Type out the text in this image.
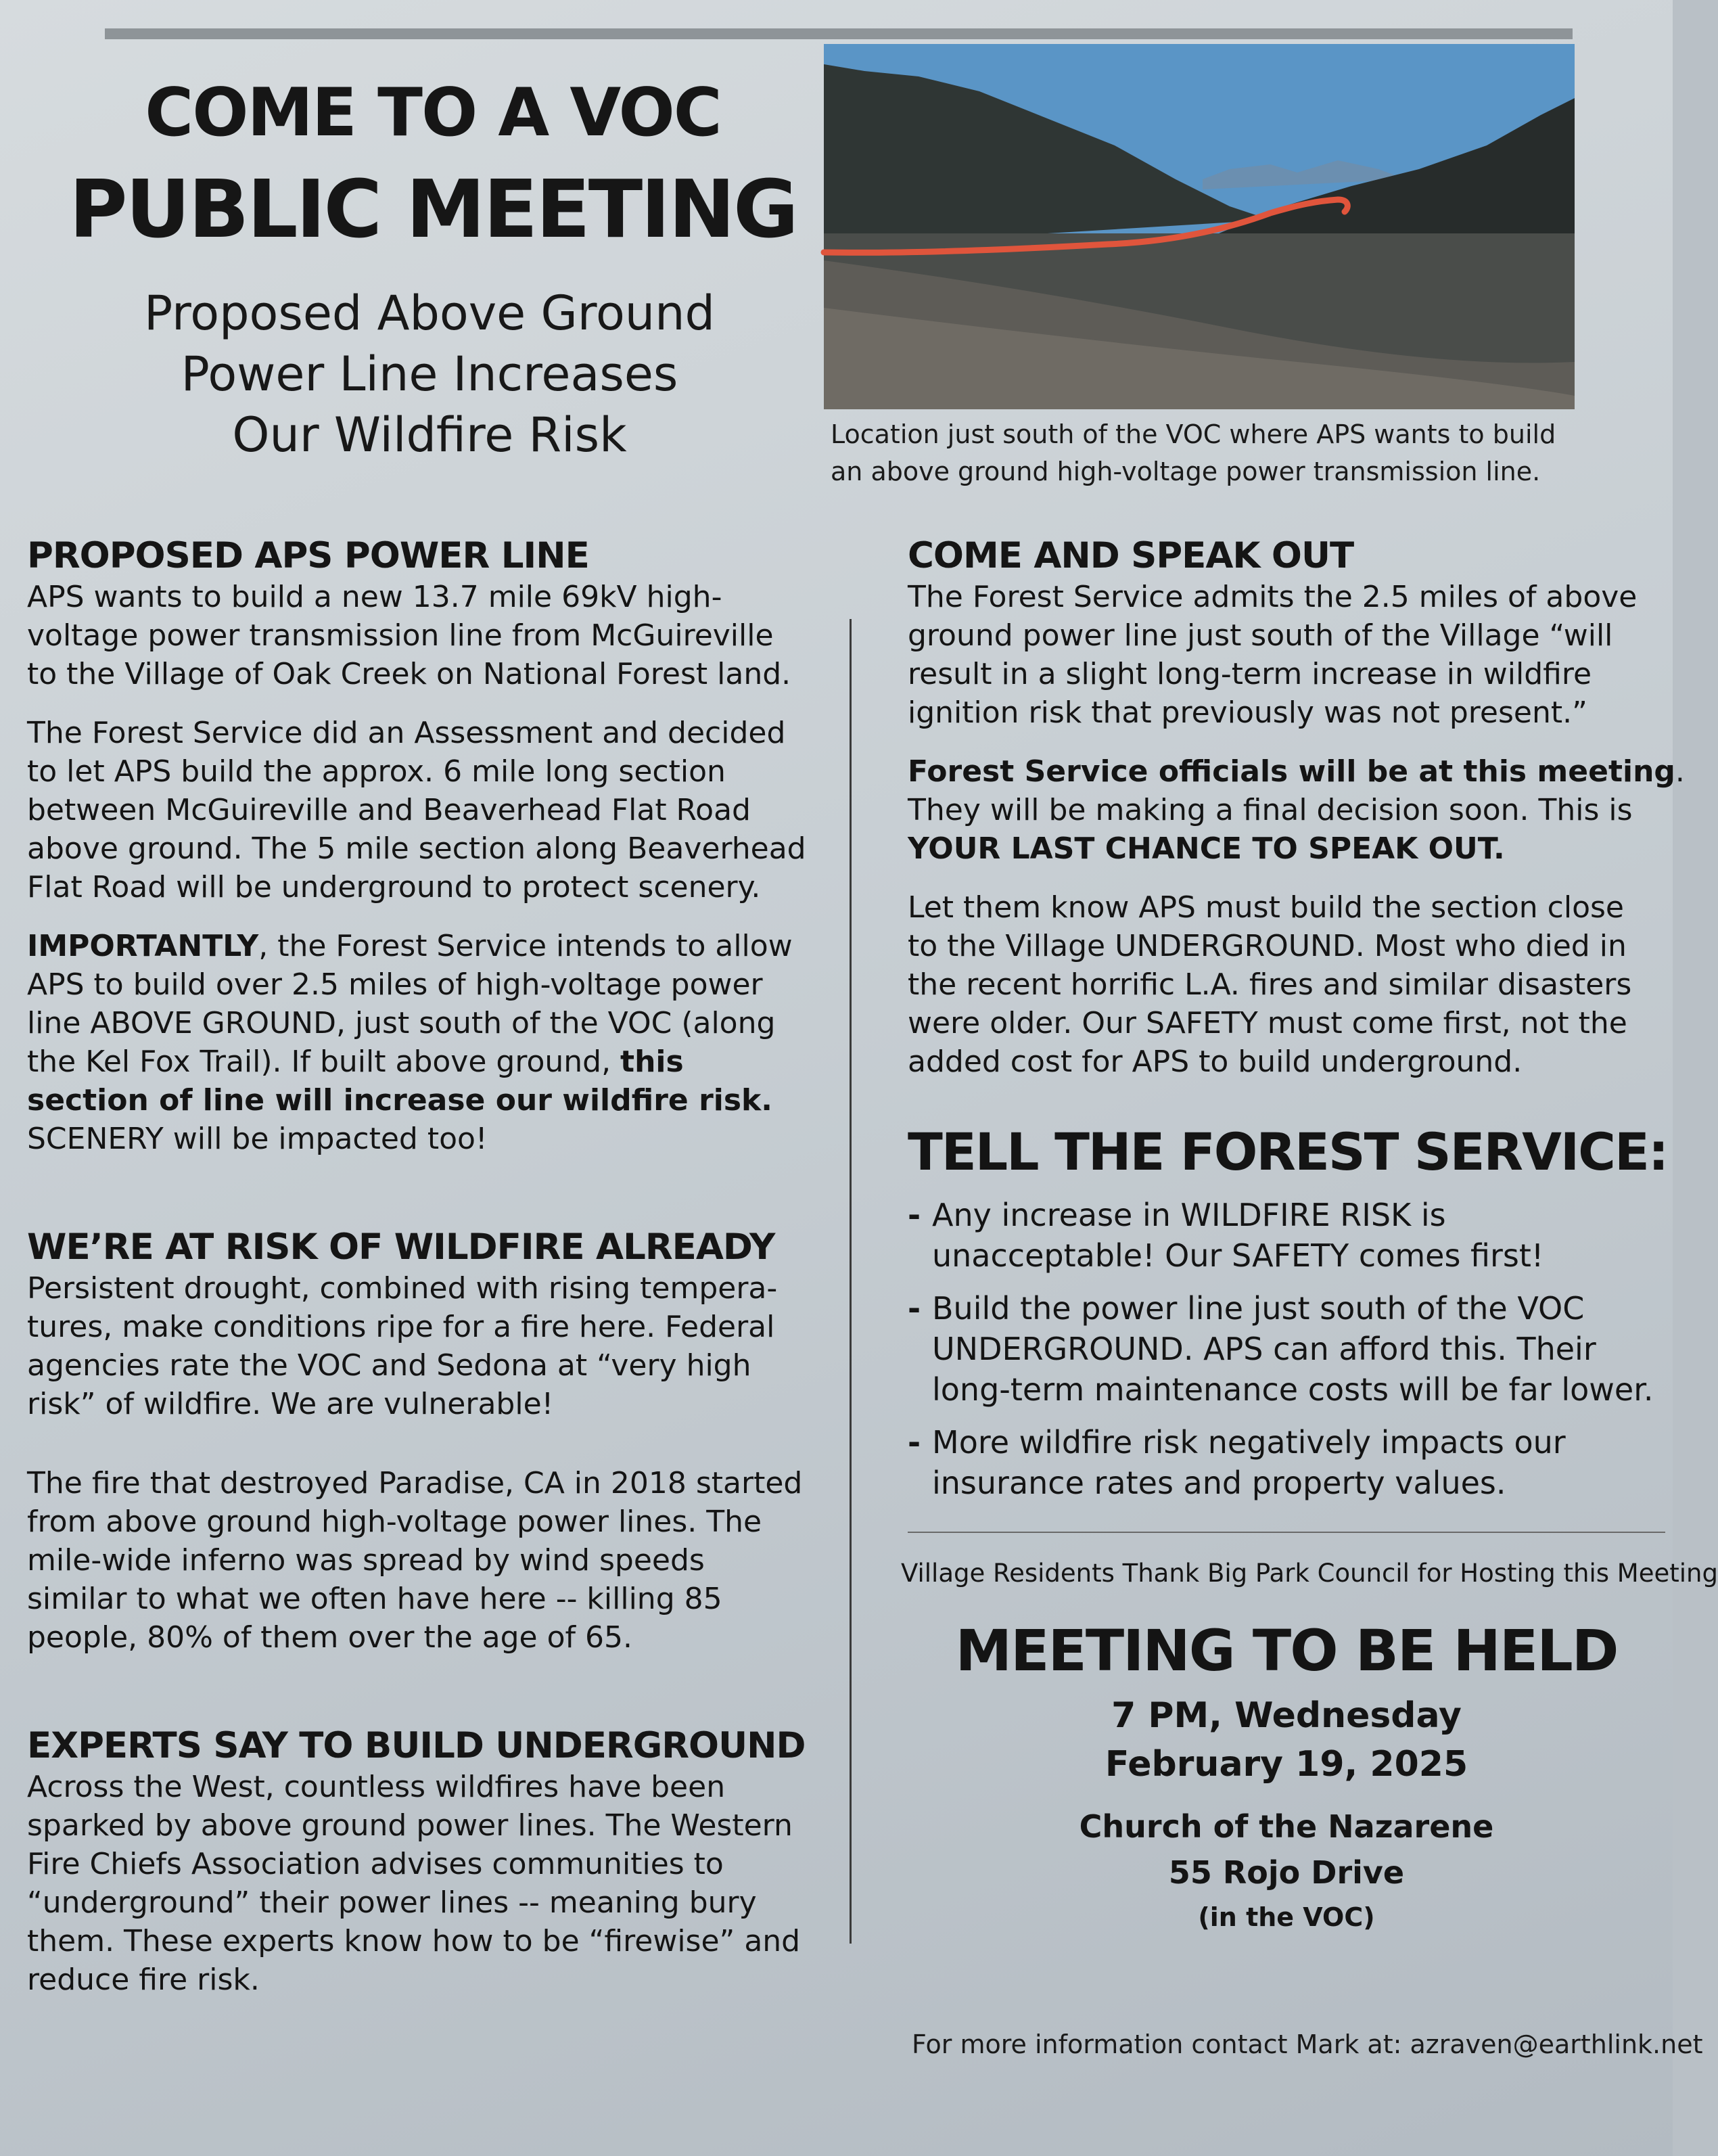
COME TO A VOC
PUBLIC MEETING
Proposed Above Ground
Power Line Increases
Our Wildfire Risk	Location just south of the VOC where APS wants to build
an above ground high-voltage power transmission line.
PROPOSED APS POWER LINE
APS wants to build a new 13.7 mile 69kV high-
voltage power transmission line from McGuireville
to the Village of Oak Creek on National Forest land.
The Forest Service did an Assessment and decided
to let APS build the approx. 6 mile long section
between McGuireville and Beaverhead Flat Road
above ground. The 5 mile section along Beaverhead
Flat Road will be underground to protect scenery.
IMPORTANTLY, the Forest Service intends to allow
APS to build over 2.5 miles of high-voltage power
line ABOVE GROUND, just south of the VOC (along
the Kel Fox Trail). If built above ground, this
section of line will increase our wildfire risk.
SCENERY will be impacted too!
WE’RE AT RISK OF WILDFIRE ALREADY
Persistent drought, combined with rising tempera-
tures, make conditions ripe for a fire here. Federal
agencies rate the VOC and Sedona at “very high
risk” of wildfire. We are vulnerable!
The fire that destroyed Paradise, CA in 2018 started
from above ground high-voltage power lines. The
mile-wide inferno was spread by wind speeds
similar to what we often have here -- killing 85
people, 80% of them over the age of 65.
EXPERTS SAY TO BUILD UNDERGROUND
Across the West, countless wildfires have been
sparked by above ground power lines. The Western
Fire Chiefs Association advises communities to
“underground” their power lines -- meaning bury
them. These experts know how to be “firewise” and
reduce fire risk.
COME AND SPEAK OUT
The Forest Service admits the 2.5 miles of above
ground power line just south of the Village “will
result in a slight long-term increase in wildfire
ignition risk that previously was not present.”
Forest Service officials will be at this meeting.
They will be making a final decision soon. This is
YOUR LAST CHANCE TO SPEAK OUT.
Let them know APS must build the section close
to the Village UNDERGROUND. Most who died in
the recent horrific L.A. fires and similar disasters
were older. Our SAFETY must come first, not the
added cost for APS to build underground.
TELL THE FOREST SERVICE:
- Any increase in WILDFIRE RISK is
unacceptable! Our SAFETY comes first!
- Build the power line just south of the VOC
UNDERGROUND. APS can afford this. Their
long-term maintenance costs will be far lower.
- More wildfire risk negatively impacts our
insurance rates and property values.
Village Residents Thank Big Park Council for Hosting this Meeting
MEETING TO BE HELD
7 PM, Wednesday
February 19, 2025
Church of the Nazarene
55 Rojo Drive
(in the VOC)
For more information contact Mark at: azraven@earthlink.net
